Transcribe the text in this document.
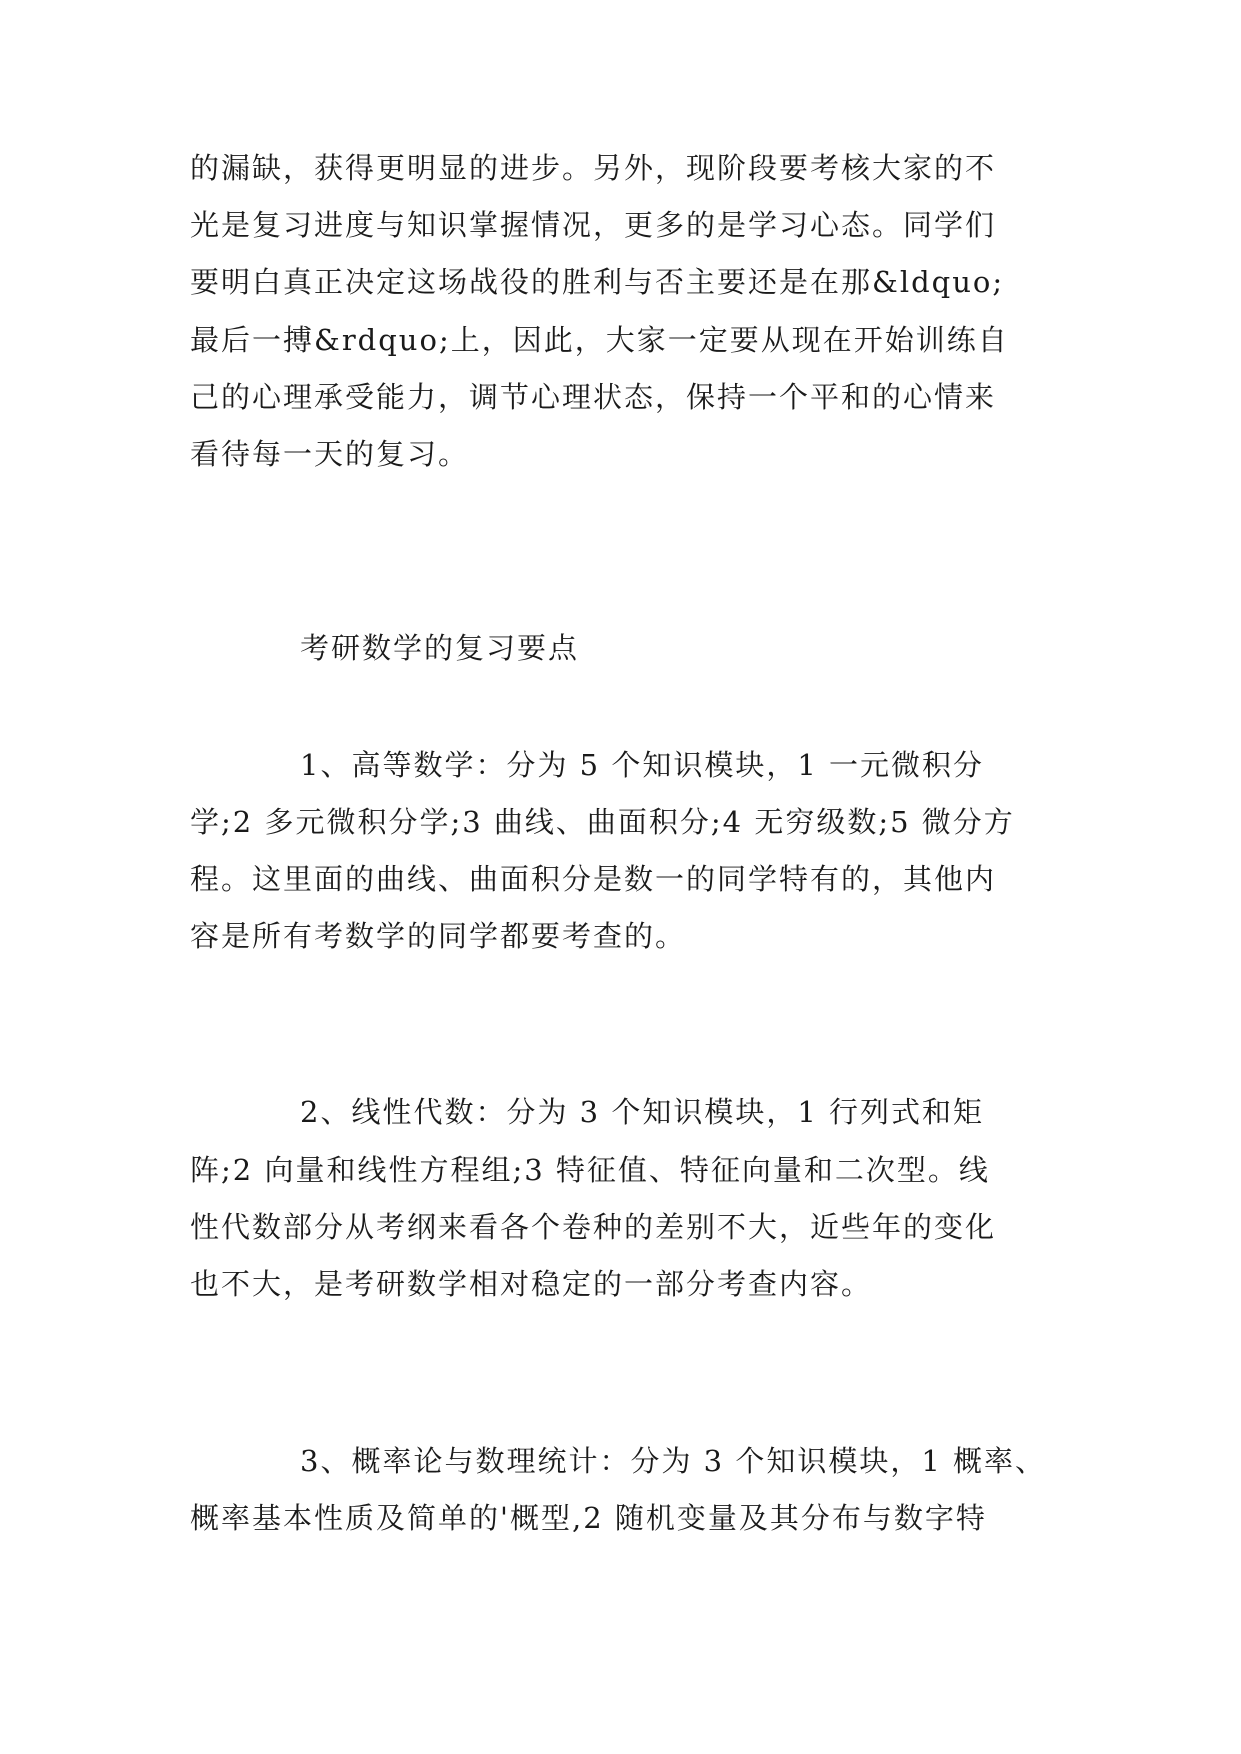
的漏缺，获得更明显的进步。另外，现阶段要考核大家的不
光是复习进度与知识掌握情况，更多的是学习心态。同学们
要明白真正决定这场战役的胜利与否主要还是在那&ldquo;
最后一搏&rdquo;上，因此，大家一定要从现在开始训练自
己的心理承受能力，调节心理状态，保持一个平和的心情来
看待每一天的复习。
考研数学的复习要点
1、高等数学：分为 5 个知识模块，1 一元微积分
学;2 多元微积分学;3 曲线、曲面积分;4 无穷级数;5 微分方
程。这里面的曲线、曲面积分是数一的同学特有的，其他内
容是所有考数学的同学都要考查的。
2、线性代数：分为 3 个知识模块，1 行列式和矩
阵;2 向量和线性方程组;3 特征值、特征向量和二次型。线
性代数部分从考纲来看各个卷种的差别不大，近些年的变化
也不大，是考研数学相对稳定的一部分考查内容。
3、概率论与数理统计：分为 3 个知识模块，1 概率、
概率基本性质及简单的'概型,2 随机变量及其分布与数字特
